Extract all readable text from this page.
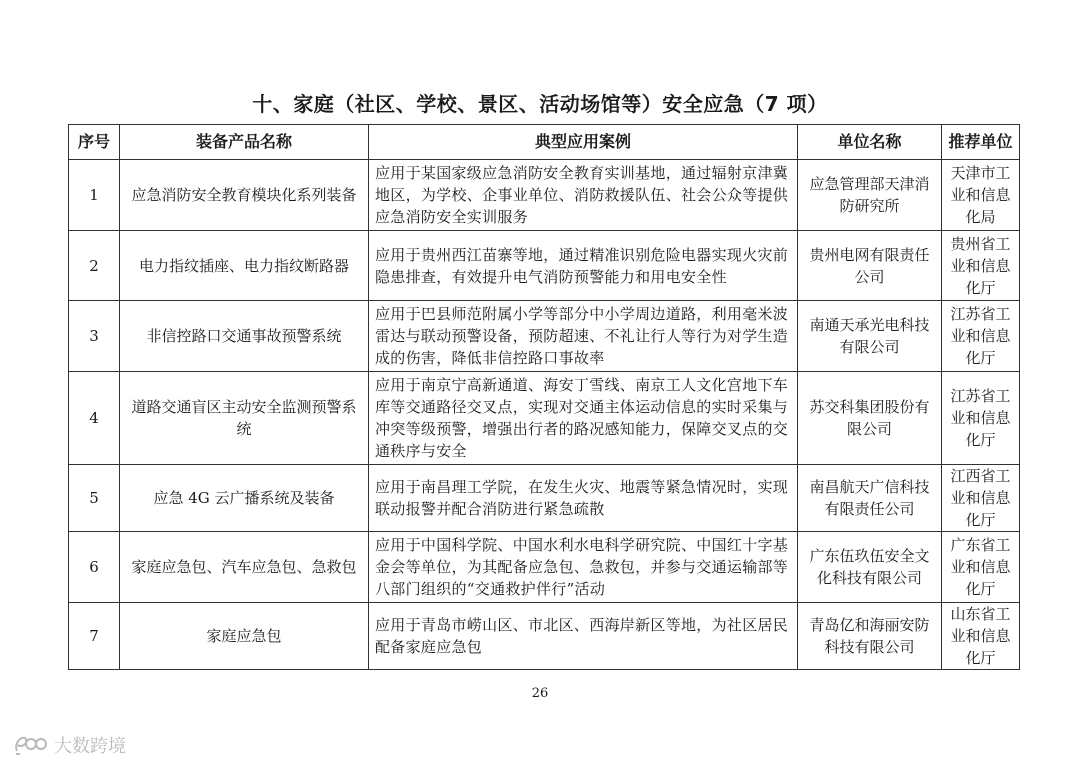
十、家庭（社区、学校、景区、活动场馆等）安全应急（7 项）
序号	装备产品名称	典型应用案例	单位名称	推荐单位
1	应急消防安全教育模块化系列装备	应用于某国家级应急消防安全教育实训基地，通过辐射京津冀地区，为学校、企事业单位、消防救援队伍、社会公众等提供应急消防安全实训服务	应急管理部天津消防研究所	天津市工业和信息化局
2	电力指纹插座、电力指纹断路器	应用于贵州西江苗寨等地，通过精准识别危险电器实现火灾前隐患排查，有效提升电气消防预警能力和用电安全性	贵州电网有限责任公司	贵州省工业和信息化厅
3	非信控路口交通事故预警系统	应用于巴县师范附属小学等部分中小学周边道路，利用毫米波雷达与联动预警设备，预防超速、不礼让行人等行为对学生造成的伤害，降低非信控路口事故率	南通天承光电科技有限公司	江苏省工业和信息化厅
4	道路交通盲区主动安全监测预警系统	应用于南京宁高新通道、海安丁雪线、南京工人文化宫地下车库等交通路径交叉点，实现对交通主体运动信息的实时采集与冲突等级预警，增强出行者的路况感知能力，保障交叉点的交通秩序与安全	苏交科集团股份有限公司	江苏省工业和信息化厅
5	应急 4G 云广播系统及装备	应用于南昌理工学院，在发生火灾、地震等紧急情况时，实现联动报警并配合消防进行紧急疏散	南昌航天广信科技有限责任公司	江西省工业和信息化厅
6	家庭应急包、汽车应急包、急救包	应用于中国科学院、中国水利水电科学研究院、中国红十字基金会等单位，为其配备应急包、急救包，并参与交通运输部等八部门组织的“交通救护伴行”活动	广东伍玖伍安全文化科技有限公司	广东省工业和信息化厅
7	家庭应急包	应用于青岛市崂山区、市北区、西海岸新区等地，为社区居民配备家庭应急包	青岛亿和海丽安防科技有限公司	山东省工业和信息化厅
26
大数跨境
